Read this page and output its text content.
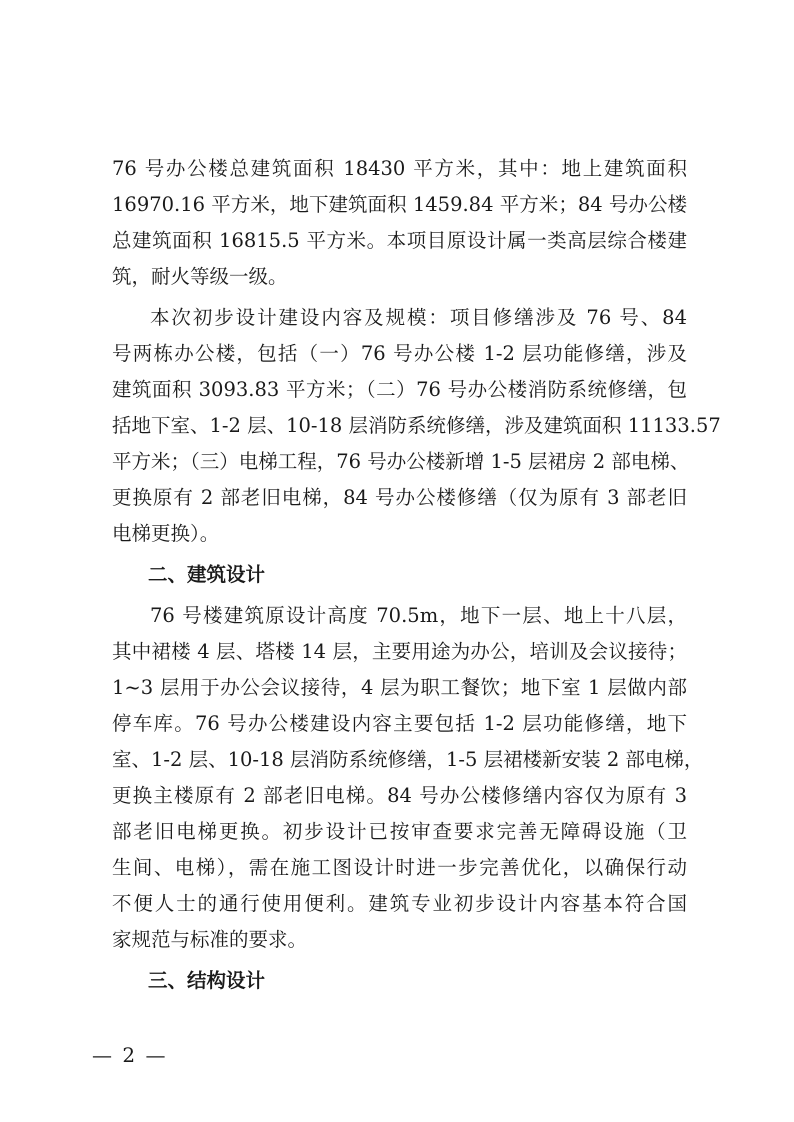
76 号办公楼总建筑面积 18430 平方米，其中：地上建筑面积
16970.16 平方米，地下建筑面积 1459.84 平方米；84 号办公楼
总建筑面积 16815.5 平方米。本项目原设计属一类高层综合楼建
筑，耐火等级一级。
本次初步设计建设内容及规模：项目修缮涉及 76 号、84
号两栋办公楼，包括（一）76 号办公楼 1-2 层功能修缮，涉及
建筑面积 3093.83 平方米；（二）76 号办公楼消防系统修缮，包
括地下室、1-2 层、10-18 层消防系统修缮，涉及建筑面积 11133.57
平方米；（三）电梯工程，76 号办公楼新增 1-5 层裙房 2 部电梯、
更换原有 2 部老旧电梯，84 号办公楼修缮（仅为原有 3 部老旧
电梯更换）。
二、建筑设计
76 号楼建筑原设计高度 70.5m，地下一层、地上十八层，
其中裙楼 4 层、塔楼 14 层，主要用途为办公，培训及会议接待；
1~3 层用于办公会议接待，4 层为职工餐饮；地下室 1 层做内部
停车库。76 号办公楼建设内容主要包括 1-2 层功能修缮，地下
室、1-2 层、10-18 层消防系统修缮，1-5 层裙楼新安装 2 部电梯，
更换主楼原有 2 部老旧电梯。84 号办公楼修缮内容仅为原有 3
部老旧电梯更换。初步设计已按审查要求完善无障碍设施（卫
生间、电梯），需在施工图设计时进一步完善优化，以确保行动
不便人士的通行使用便利。建筑专业初步设计内容基本符合国
家规范与标准的要求。
三、结构设计
— 2 —
